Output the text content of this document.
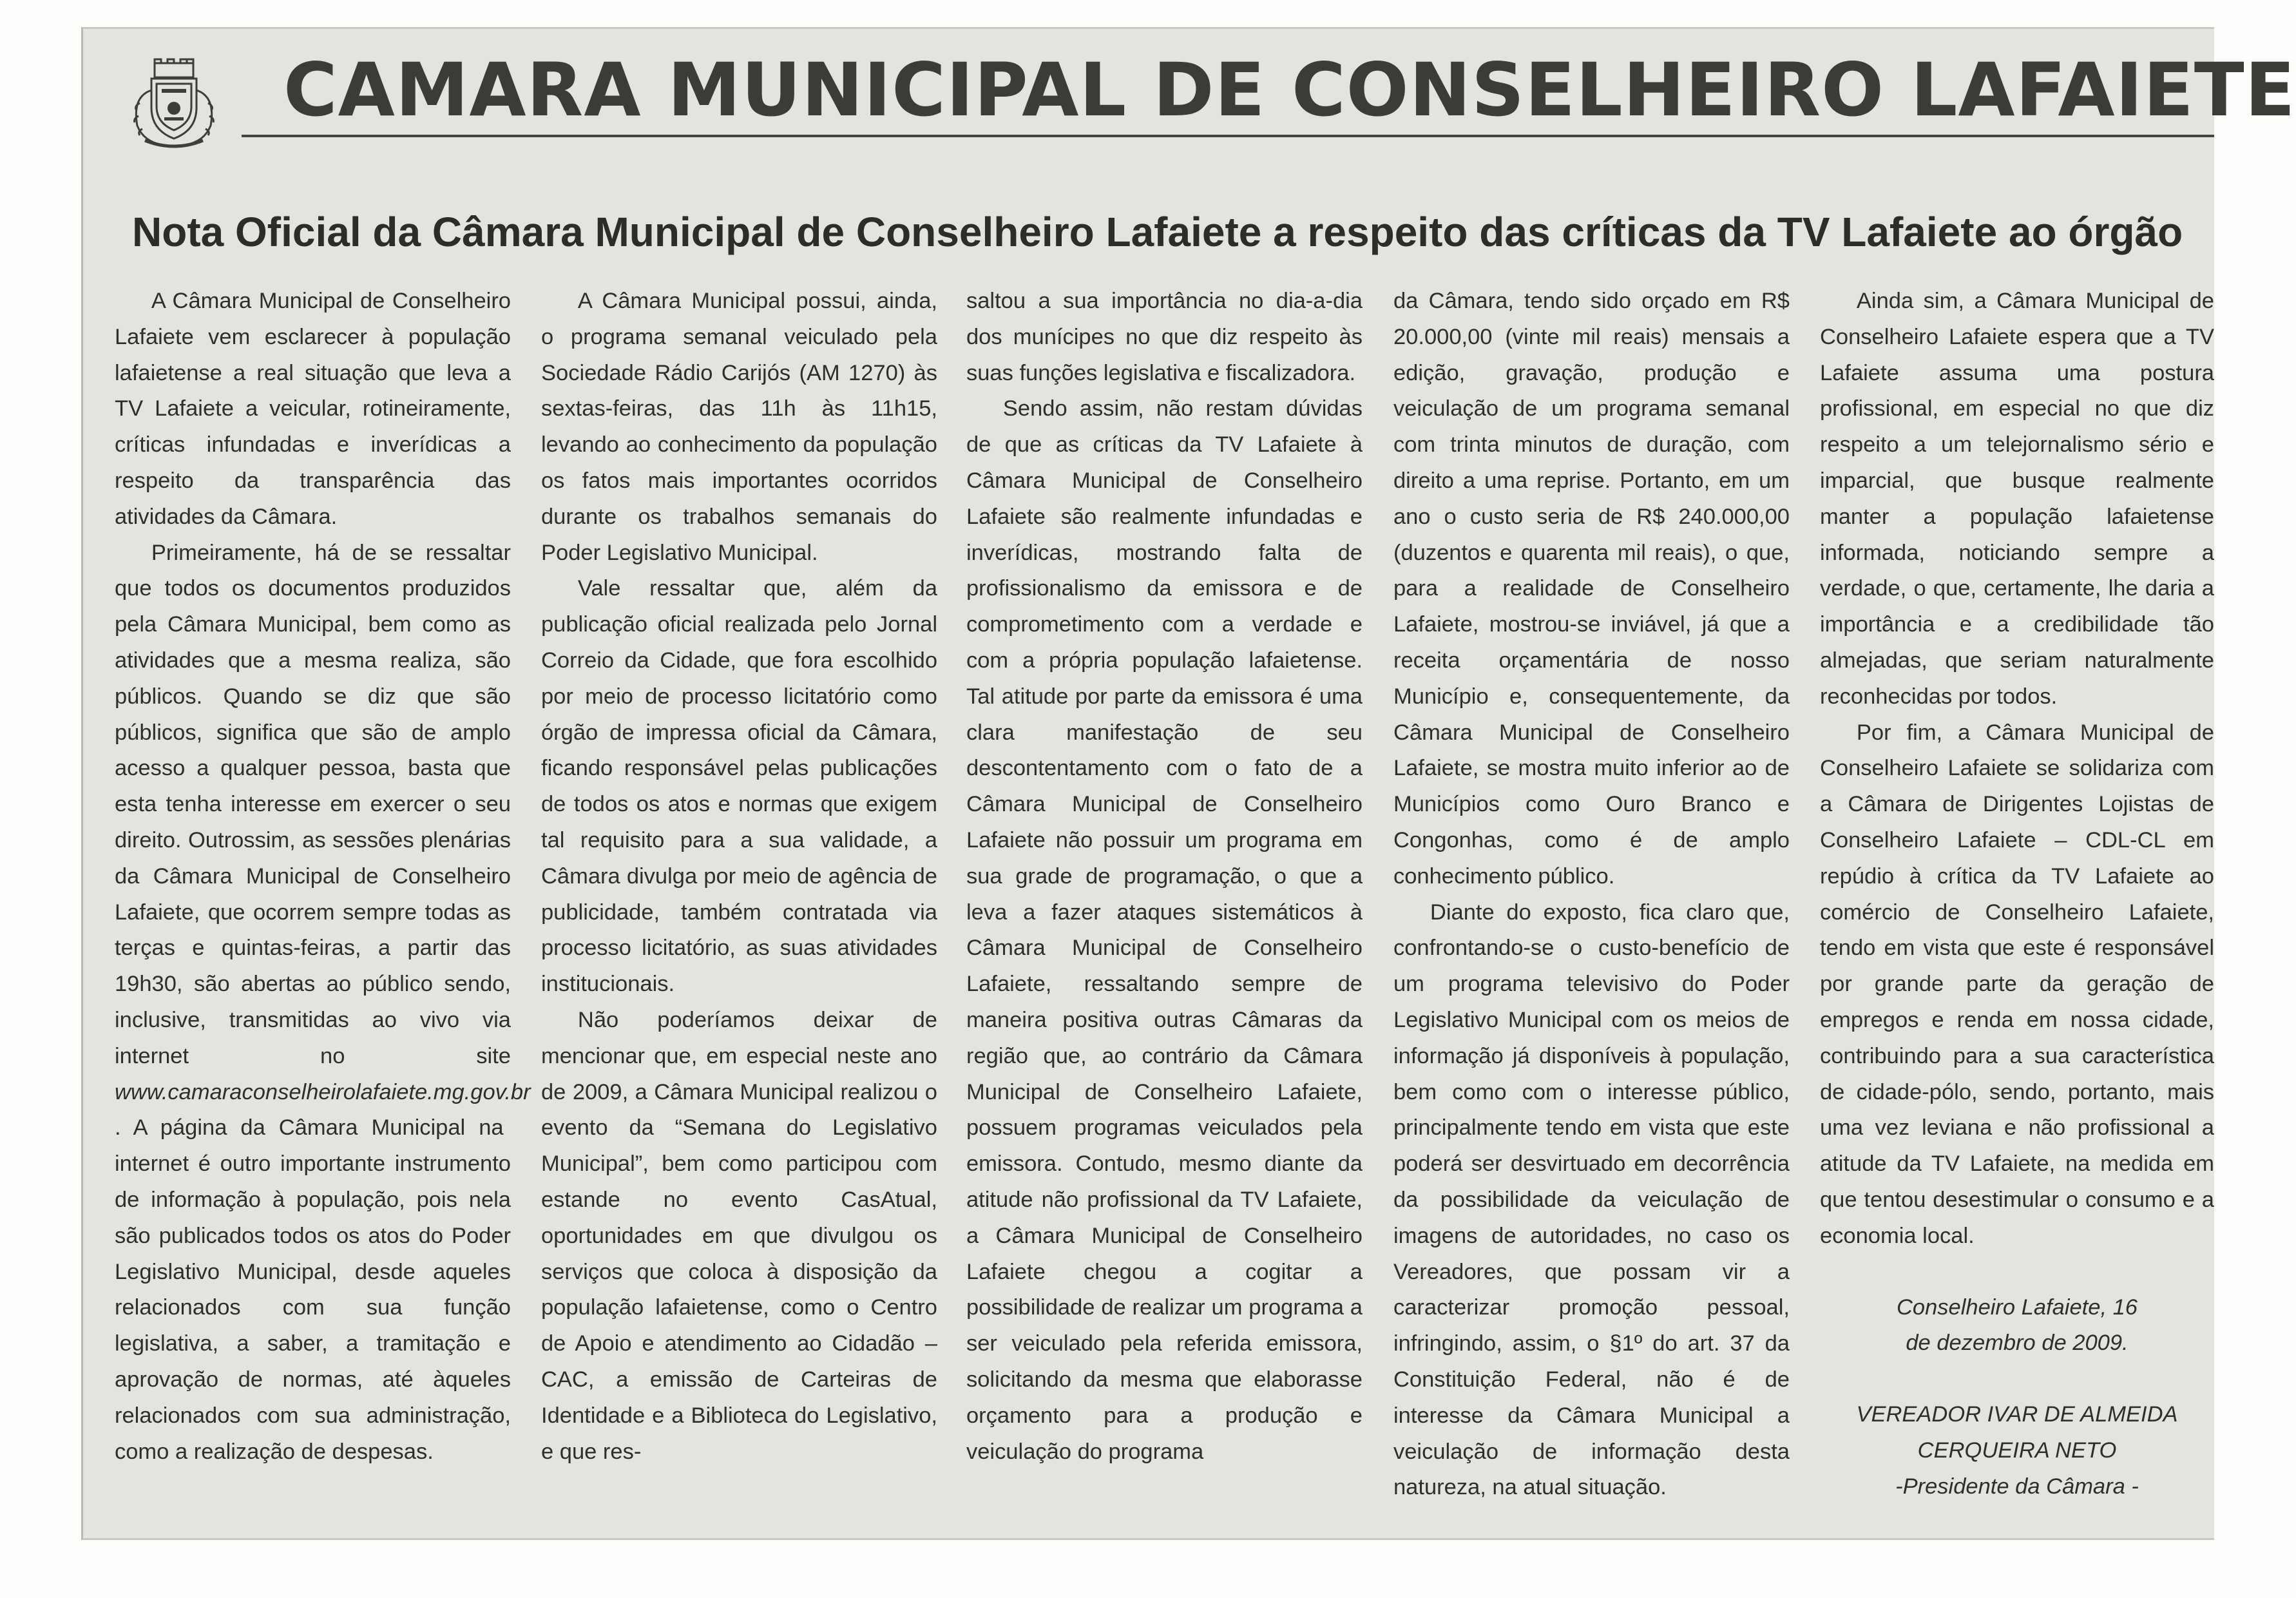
CAMARA MUNICIPAL DE CONSELHEIRO LAFAIETE
Nota Oficial da Câmara Municipal de Conselheiro Lafaiete a respeito das críticas da TV Lafaiete ao órgão

A Câmara Municipal de Conselheiro Lafaiete vem esclarecer à população lafaietense a real situação que leva a TV Lafaiete a veicular, rotineiramente, críticas infundadas e inverídicas a respeito da transparência das atividades da Câmara.

Primeiramente, há de se ressaltar que todos os documentos produzidos pela Câmara Municipal, bem como as atividades que a mesma realiza, são públicos. Quando se diz que são públicos, significa que são de amplo acesso a qualquer pessoa, basta que esta tenha interesse em exercer o seu direito. Outrossim, as sessões plenárias da Câmara Municipal de Conselheiro Lafaiete, que ocorrem sempre todas as terças e quintas-feiras, a partir das 19h30, são abertas ao público sendo, inclusive, transmitidas ao vivo via internet no site www.camaraconselheirolafaiete.mg.gov.br . A página da Câmara Municipal na internet é outro importante instrumento de informação à população, pois nela são publicados todos os atos do Poder Legislativo Municipal, desde aqueles relacionados com sua função legislativa, a saber, a tramitação e aprovação de normas, até àqueles relacionados com sua administração, como a realização de despesas.

A Câmara Municipal possui, ainda, o programa semanal veiculado pela Sociedade Rádio Carijós (AM 1270) às sextas-feiras, das 11h às 11h15, levando ao conhecimento da população os fatos mais importantes ocorridos durante os trabalhos semanais do Poder Legislativo Municipal.

Vale ressaltar que, além da publicação oficial realizada pelo Jornal Correio da Cidade, que fora escolhido por meio de processo licitatório como órgão de impressa oficial da Câmara, ficando responsável pelas publicações de todos os atos e normas que exigem tal requisito para a sua validade, a Câmara divulga por meio de agência de publicidade, também contratada via processo licitatório, as suas atividades institucionais.

Não poderíamos deixar de mencionar que, em especial neste ano de 2009, a Câmara Municipal realizou o evento da “Semana do Legislativo Municipal”, bem como participou com estande no evento CasAtual, oportunidades em que divulgou os serviços que coloca à disposição da população lafaietense, como o Centro de Apoio e atendimento ao Cidadão – CAC, a emissão de Carteiras de Identidade e a Biblioteca do Legislativo, e que res-

saltou a sua importância no dia-a-dia dos munícipes no que diz respeito às suas funções legislativa e fiscalizadora.

Sendo assim, não restam dúvidas de que as críticas da TV Lafaiete à Câmara Municipal de Conselheiro Lafaiete são realmente infundadas e inverídicas, mostrando falta de profissionalismo da emissora e de comprometimento com a verdade e com a própria população lafaietense. Tal atitude por parte da emissora é uma clara manifestação de seu descontentamento com o fato de a Câmara Municipal de Conselheiro Lafaiete não possuir um programa em sua grade de programação, o que a leva a fazer ataques sistemáticos à Câmara Municipal de Conselheiro Lafaiete, ressaltando sempre de maneira positiva outras Câmaras da região que, ao contrário da Câmara Municipal de Conselheiro Lafaiete, possuem programas veiculados pela emissora. Contudo, mesmo diante da atitude não profissional da TV Lafaiete, a Câmara Municipal de Conselheiro Lafaiete chegou a cogitar a possibilidade de realizar um programa a ser veiculado pela referida emissora, solicitando da mesma que elaborasse orçamento para a produção e veiculação do programa

da Câmara, tendo sido orçado em R$ 20.000,00 (vinte mil reais) mensais a edição, gravação, produção e veiculação de um programa semanal com trinta minutos de duração, com direito a uma reprise. Portanto, em um ano o custo seria de R$ 240.000,00 (duzentos e quarenta mil reais), o que, para a realidade de Conselheiro Lafaiete, mostrou-se inviável, já que a receita orçamentária de nosso Município e, consequentemente, da Câmara Municipal de Conselheiro Lafaiete, se mostra muito inferior ao de Municípios como Ouro Branco e Congonhas, como é de amplo conhecimento público.

Diante do exposto, fica claro que, confrontando-se o custo-benefício de um programa televisivo do Poder Legislativo Municipal com os meios de informação já disponíveis à população, bem como com o interesse público, principalmente tendo em vista que este poderá ser desvirtuado em decorrência da possibilidade da veiculação de imagens de autoridades, no caso os Vereadores, que possam vir a caracterizar promoção pessoal, infringindo, assim, o §1º do art. 37 da Constituição Federal, não é de interesse da Câmara Municipal a veiculação de informação desta natureza, na atual situação.

Ainda sim, a Câmara Municipal de Conselheiro Lafaiete espera que a TV Lafaiete assuma uma postura profissional, em especial no que diz respeito a um telejornalismo sério e imparcial, que busque realmente manter a população lafaietense informada, noticiando sempre a verdade, o que, certamente, lhe daria a importância e a credibilidade tão almejadas, que seriam naturalmente reconhecidas por todos.

Por fim, a Câmara Municipal de Conselheiro Lafaiete se solidariza com a Câmara de Dirigentes Lojistas de Conselheiro Lafaiete – CDL-CL em repúdio à crítica da TV Lafaiete ao comércio de Conselheiro Lafaiete, tendo em vista que este é responsável por grande parte da geração de empregos e renda em nossa cidade, contribuindo para a sua característica de cidade-pólo, sendo, portanto, mais uma vez leviana e não profissional a atitude da TV Lafaiete, na medida em que tentou desestimular o consumo e a economia local.

Conselheiro Lafaiete, 16
de dezembro de 2009.
VEREADOR IVAR DE ALMEIDA
CERQUEIRA NETO
-Presidente da Câmara -
